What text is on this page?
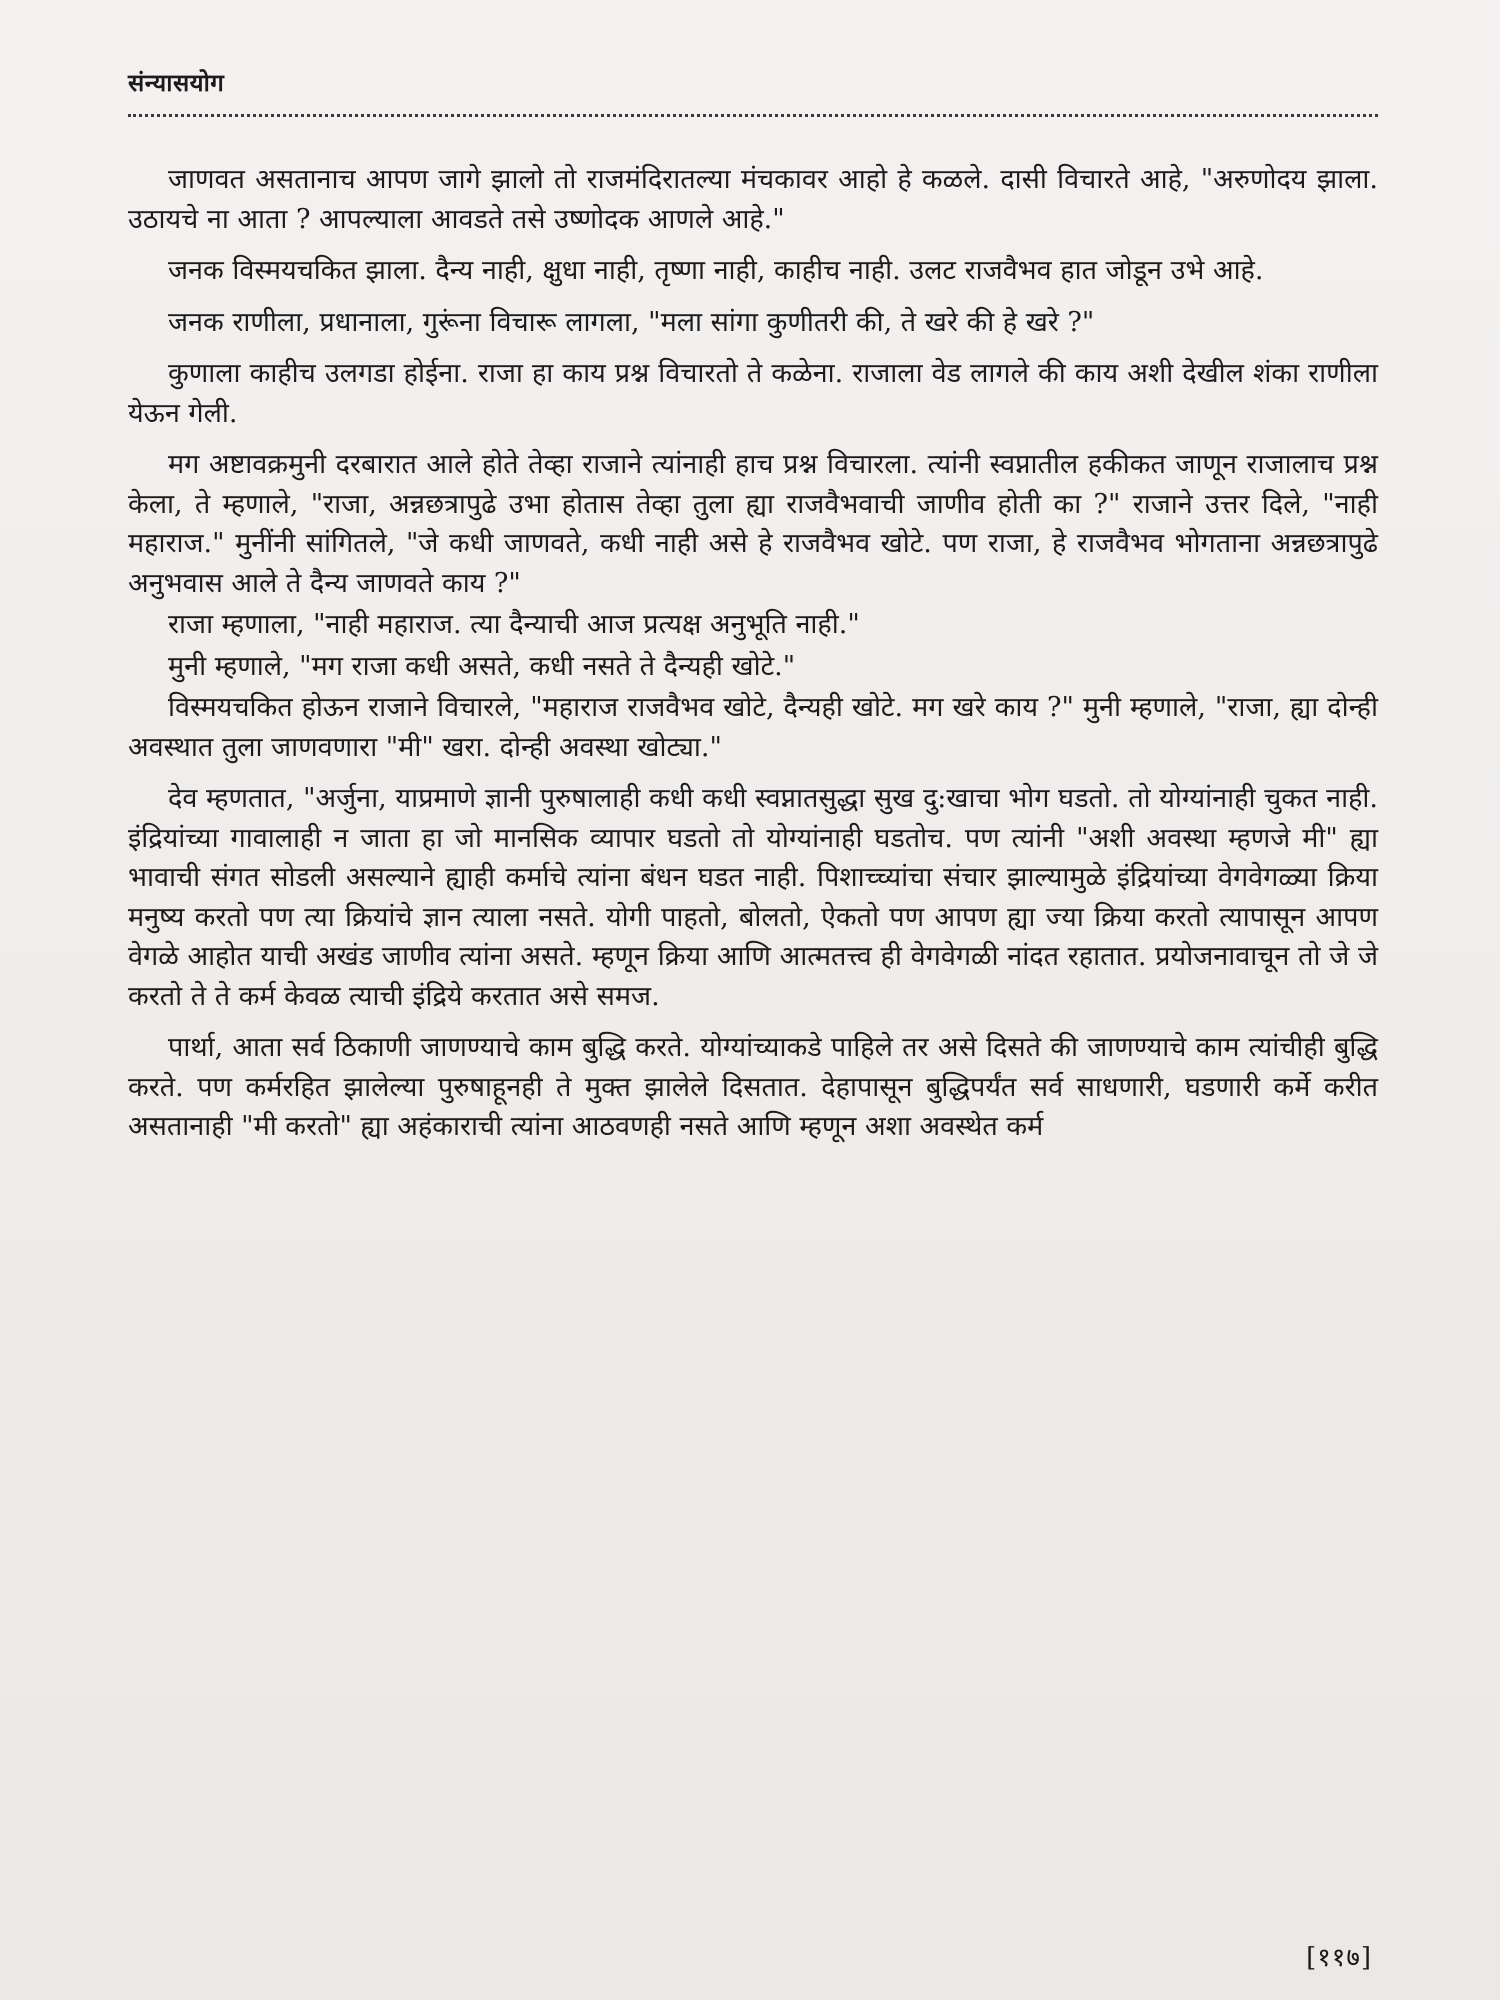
संन्यासयोग

जाणवत असतानाच आपण जागे झालो तो राजमंदिरातल्या मंचकावर आहो हे कळले. दासी विचारते आहे, "अरुणोदय झाला. उठायचे ना आता ? आपल्याला आवडते तसे उष्णोदक आणले आहे."

जनक विस्मयचकित झाला. दैन्य नाही, क्षुधा नाही, तृष्णा नाही, काहीच नाही. उलट राजवैभव हात जोडून उभे आहे.

जनक राणीला, प्रधानाला, गुरूंना विचारू लागला, "मला सांगा कुणीतरी की, ते खरे की हे खरे ?"

कुणाला काहीच उलगडा होईना. राजा हा काय प्रश्न विचारतो ते कळेना. राजाला वेड लागले की काय अशी देखील शंका राणीला येऊन गेली.

मग अष्टावक्रमुनी दरबारात आले होते तेव्हा राजाने त्यांनाही हाच प्रश्न विचारला. त्यांनी स्वप्नातील हकीकत जाणून राजालाच प्रश्न केला, ते म्हणाले, "राजा, अन्नछत्रापुढे उभा होतास तेव्हा तुला ह्या राजवैभवाची जाणीव होती का ?" राजाने उत्तर दिले, "नाही महाराज." मुनींनी सांगितले, "जे कधी जाणवते, कधी नाही असे हे राजवैभव खोटे. पण राजा, हे राजवैभव भोगताना अन्नछत्रापुढे अनुभवास आले ते दैन्य जाणवते काय ?"

राजा म्हणाला, "नाही महाराज. त्या दैन्याची आज प्रत्यक्ष अनुभूति नाही."

मुनी म्हणाले, "मग राजा कधी असते, कधी नसते ते दैन्यही खोटे."

विस्मयचकित होऊन राजाने विचारले, "महाराज राजवैभव खोटे, दैन्यही खोटे. मग खरे काय ?" मुनी म्हणाले, "राजा, ह्या दोन्ही अवस्थात तुला जाणवणारा "मी" खरा. दोन्ही अवस्था खोट्या."

देव म्हणतात, "अर्जुना, याप्रमाणे ज्ञानी पुरुषालाही कधी कधी स्वप्नातसुद्धा सुख दु:खाचा भोग घडतो. तो योग्यांनाही चुकत नाही. इंद्रियांच्या गावालाही न जाता हा जो मानसिक व्यापार घडतो तो योग्यांनाही घडतोच. पण त्यांनी "अशी अवस्था म्हणजे मी" ह्या भावाची संगत सोडली असल्याने ह्याही कर्माचे त्यांना बंधन घडत नाही. पिशाच्च्यांचा संचार झाल्यामुळे इंद्रियांच्या वेगवेगळ्या क्रिया मनुष्य करतो पण त्या क्रियांचे ज्ञान त्याला नसते. योगी पाहतो, बोलतो, ऐकतो पण आपण ह्या ज्या क्रिया करतो त्यापासून आपण वेगळे आहोत याची अखंड जाणीव त्यांना असते. म्हणून क्रिया आणि आत्मतत्त्व ही वेगवेगळी नांदत रहातात. प्रयोजनावाचून तो जे जे करतो ते ते कर्म केवळ त्याची इंद्रिये करतात असे समज.

पार्था, आता सर्व ठिकाणी जाणण्याचे काम बुद्धि करते. योग्यांच्याकडे पाहिले तर असे दिसते की जाणण्याचे काम त्यांचीही बुद्धि करते. पण कर्मरहित झालेल्या पुरुषाहूनही ते मुक्त झालेले दिसतात. देहापासून बुद्धिपर्यंत सर्व साधणारी, घडणारी कर्मे करीत असतानाही "मी करतो" ह्या अहंकाराची त्यांना आठवणही नसते आणि म्हणून अशा अवस्थेत कर्म

[११७]
